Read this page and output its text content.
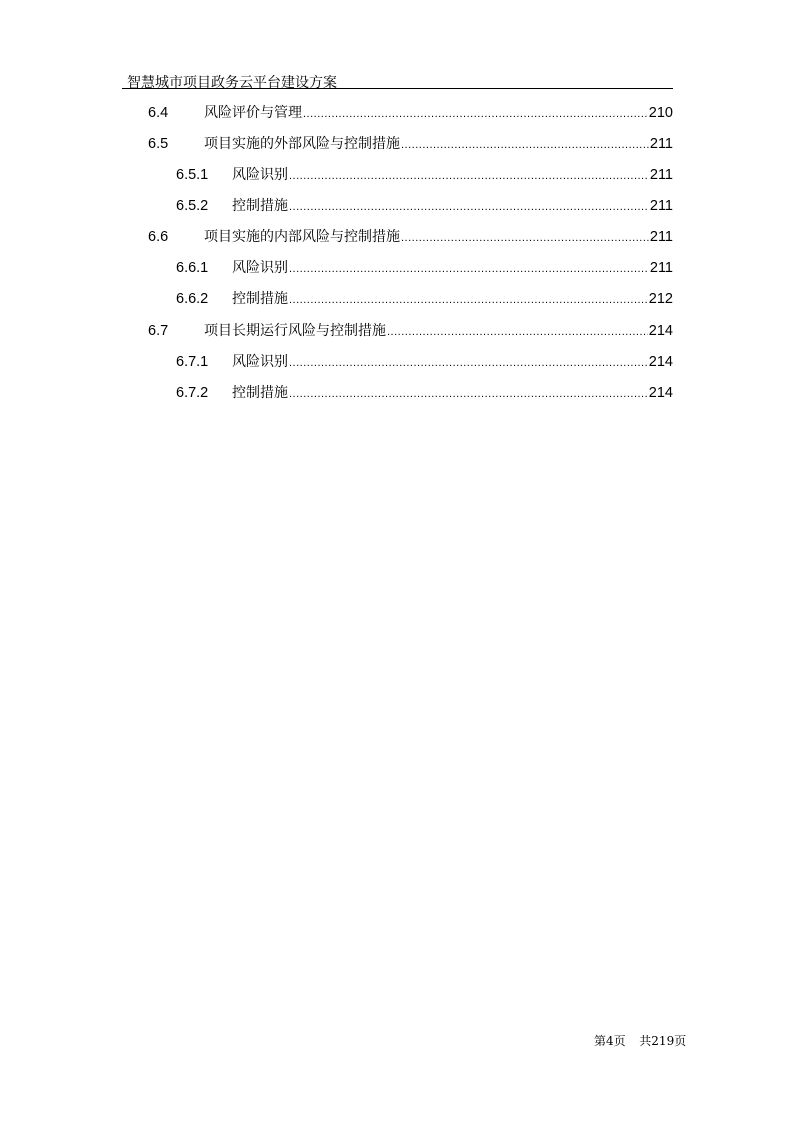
智慧城市项目政务云平台建设方案
6.4	风险评价与管理 .....	210
6.5	项目实施的外部风险与控制措施 .....	211
6.5.1	风险识别 .....	211
6.5.2	控制措施 .....	211
6.6	项目实施的内部风险与控制措施 .....	211
6.6.1	风险识别 .....	211
6.6.2	控制措施 .....	212
6.7	项目长期运行风险与控制措施 .....	214
6.7.1	风险识别 .....	214
6.7.2	控制措施 .....	214
第4页 共219页
